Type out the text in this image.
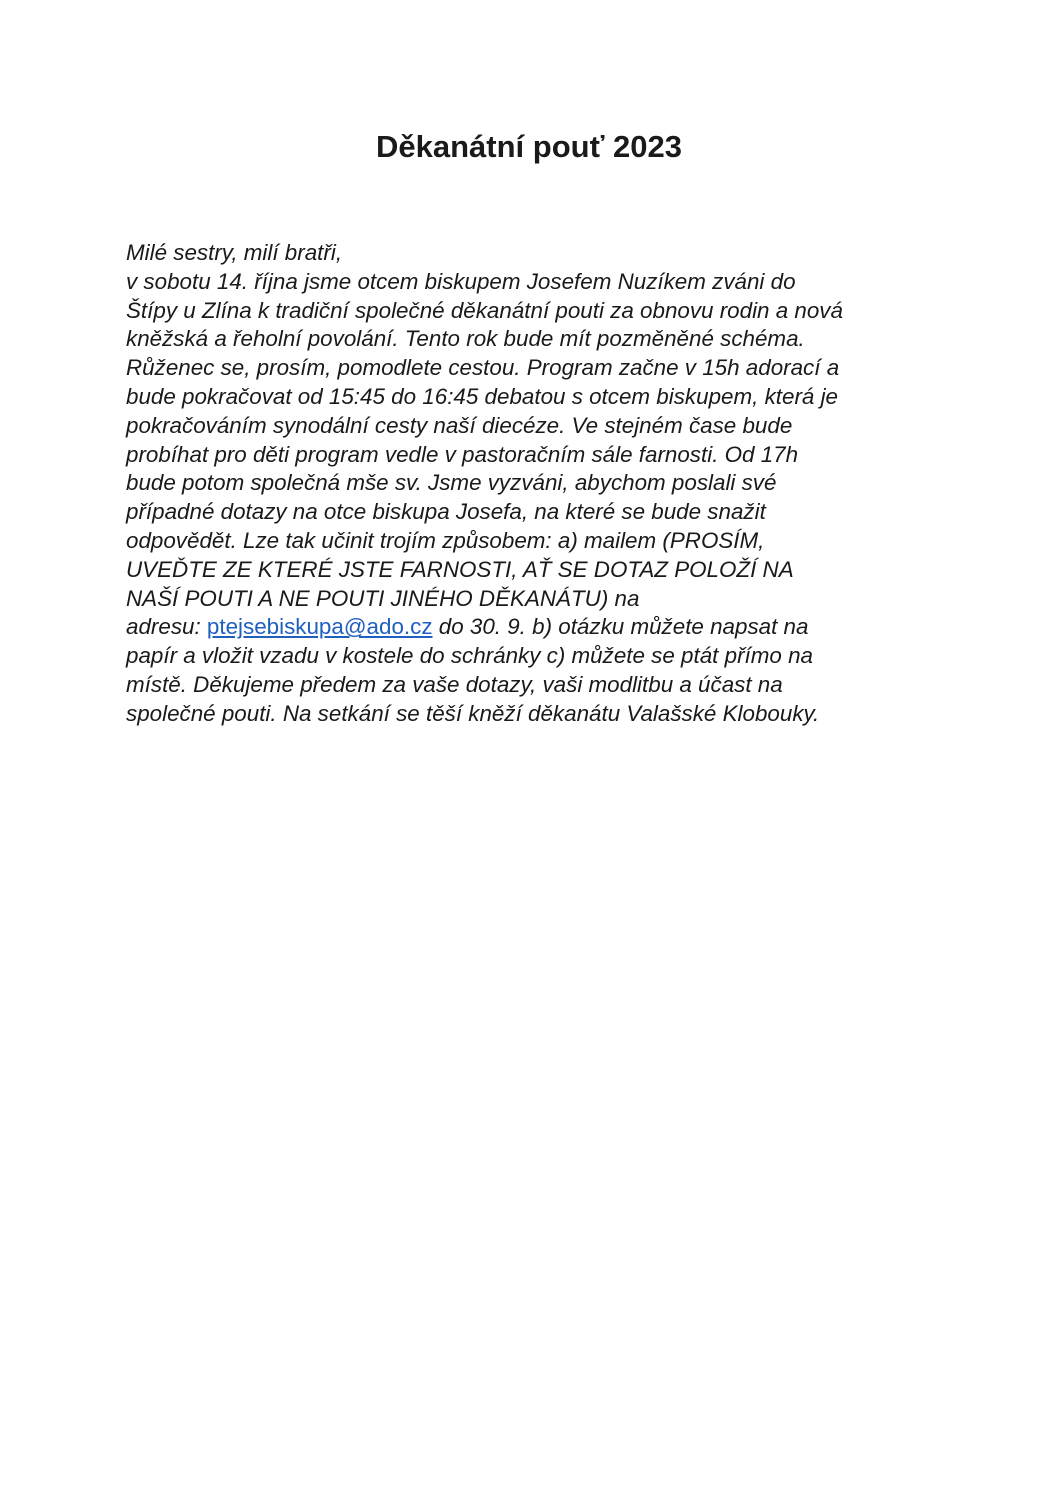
Děkanátní pouť 2023
Milé sestry, milí bratři,
v sobotu 14. října jsme otcem biskupem Josefem Nuzíkem zváni do
Štípy u Zlína k tradiční společné děkanátní pouti za obnovu rodin a nová
kněžská a řeholní povolání. Tento rok bude mít pozměněné schéma.
Růženec se, prosím, pomodlete cestou. Program začne v 15h adorací a
bude pokračovat od 15:45 do 16:45 debatou s otcem biskupem, která je
pokračováním synodální cesty naší diecéze. Ve stejném čase bude
probíhat pro děti program vedle v pastoračním sále farnosti. Od 17h
bude potom společná mše sv. Jsme vyzváni, abychom poslali své
případné dotazy na otce biskupa Josefa, na které se bude snažit
odpovědět. Lze tak učinit trojím způsobem: a) mailem (PROSÍM,
UVEĎTE ZE KTERÉ JSTE FARNOSTI, AŤ SE DOTAZ POLOŽÍ NA
NAŠÍ POUTI A NE POUTI JINÉHO DĚKANÁTU) na
adresu: ptejsebiskupa@ado.cz do 30. 9. b) otázku můžete napsat na
papír a vložit vzadu v kostele do schránky c) můžete se ptát přímo na
místě. Děkujeme předem za vaše dotazy, vaši modlitbu a účast na
společné pouti. Na setkání se těší kněží děkanátu Valašské Klobouky.
